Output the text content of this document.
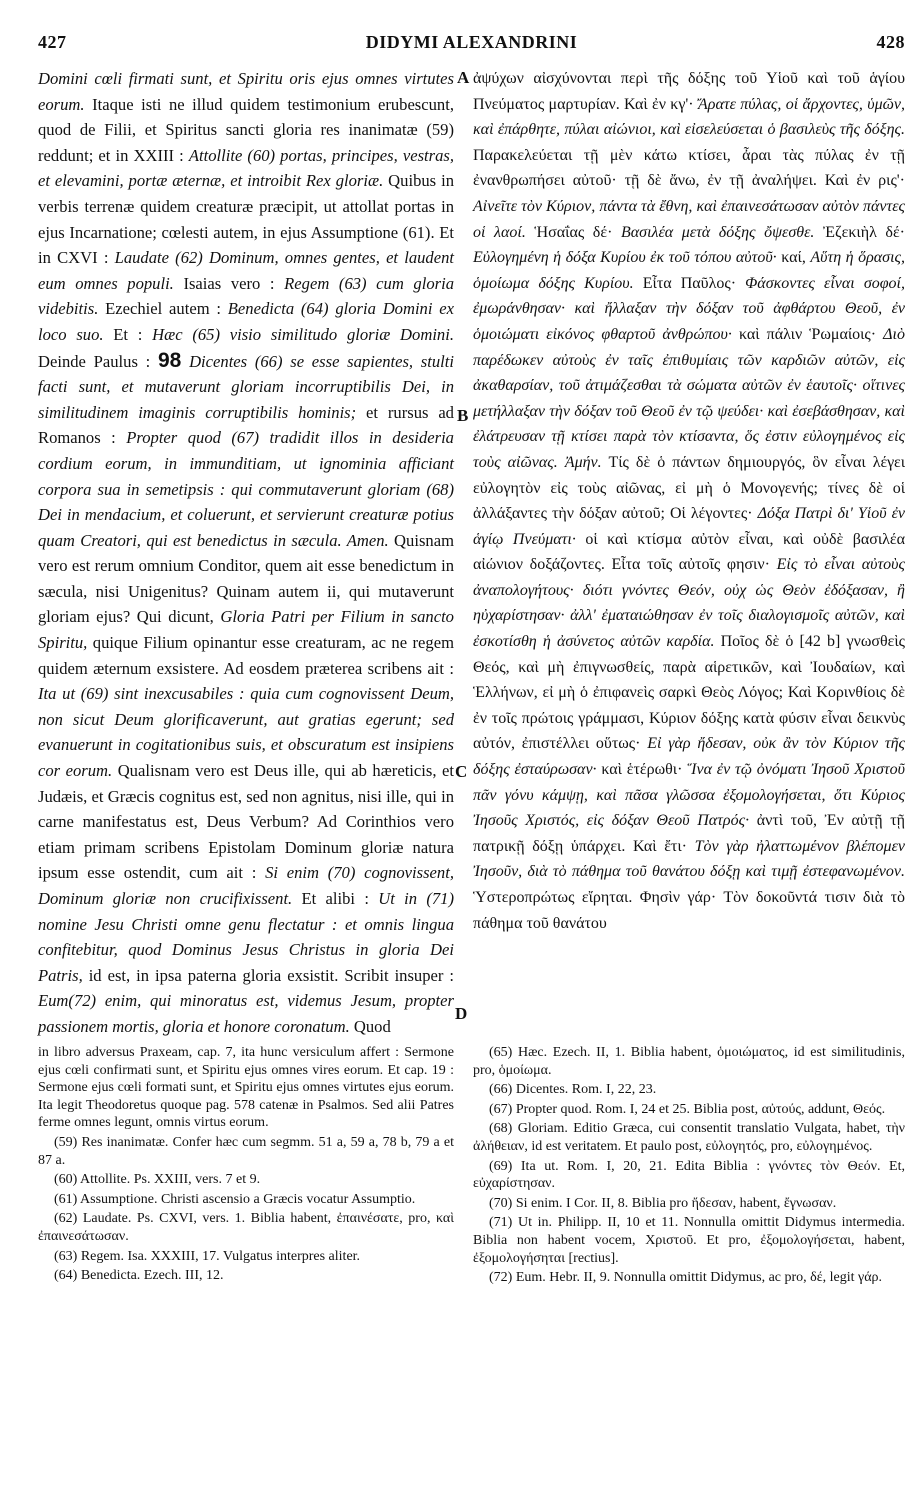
427	DIDYMI ALEXANDRINI	428
A
B
C
D

Domini cœli firmati sunt, et Spiritu oris ejus omnes virtutes eorum. Itaque isti ne illud quidem testimonium erubescunt, quod de Filii, et Spiritus sancti gloria res inanimatæ (59) reddunt; et in XXIII : Attollite (60) portas, principes, vestras, et elevamini, portæ æternæ, et introibit Rex gloriæ. Quibus in verbis terrenæ quidem creaturæ præcipit, ut attollat portas in ejus Incarnatione; cœlesti autem, in ejus Assumptione (61). Et in CXVI : Laudate (62) Dominum, omnes gentes, et laudent eum omnes populi. Isaias vero : Regem (63) cum gloria videbitis. Ezechiel autem : Benedicta (64) gloria Domini ex loco suo. Et : Hæc (65) visio similitudo gloriæ Domini. Deinde Paulus : 98 Dicentes (66) se esse sapientes, stulti facti sunt, et mutaverunt gloriam incorruptibilis Dei, in similitudinem imaginis corruptibilis hominis; et rursus ad Romanos : Propter quod (67) tradidit illos in desideria cordium eorum, in immunditiam, ut ignominia afficiant corpora sua in semetipsis : qui commutaverunt gloriam (68) Dei in mendacium, et coluerunt, et servierunt creaturæ potius quam Creatori, qui est benedictus in sæcula. Amen. Quisnam vero est rerum omnium Conditor, quem ait esse benedictum in sæcula, nisi Unigenitus? Quinam autem ii, qui mutaverunt gloriam ejus? Qui dicunt, Gloria Patri per Filium in sancto Spiritu, quique Filium opinantur esse creaturam, ac ne regem quidem æternum exsistere. Ad eosdem præterea scribens ait : Ita ut (69) sint inexcusabiles : quia cum cognovissent Deum, non sicut Deum glorificaverunt, aut gratias egerunt; sed evanuerunt in cogitationibus suis, et obscuratum est insipiens cor eorum. Qualisnam vero est Deus ille, qui ab hæreticis, et Judæis, et Græcis cognitus est, sed non agnitus, nisi ille, qui in carne manifestatus est, Deus Verbum? Ad Corinthios vero etiam primam scribens Epistolam Dominum gloriæ natura ipsum esse ostendit, cum ait : Si enim (70) cognovissent, Dominum gloriæ non crucifixissent. Et alibi : Ut in (71) nomine Jesu Christi omne genu flectatur : et omnis lingua confitebitur, quod Dominus Jesus Christus in gloria Dei Patris, id est, in ipsa paterna gloria exsistit. Scribit insuper : Eum(72) enim, qui minoratus est, videmus Jesum, propter passionem mortis, gloria et honore coronatum. Quod

ἀψύχων αἰσχύνονται περὶ τῆς δόξης τοῦ Υἱοῦ καὶ τοῦ ἁγίου Πνεύματος μαρτυρίαν. Καὶ ἐν κγ'· Ἄρατε πύλας, οἱ ἄρχοντες, ὑμῶν, καὶ ἐπάρθητε, πύλαι αἰώνιοι, καὶ εἰσελεύσεται ὁ βασιλεὺς τῆς δόξης. Παρακελεύεται τῇ μὲν κάτω κτίσει, ἆραι τὰς πύλας ἐν τῇ ἐνανθρωπήσει αὐτοῦ· τῇ δὲ ἄνω, ἐν τῇ ἀναλήψει. Καὶ ἐν ρις'· Αἰνεῖτε τὸν Κύριον, πάντα τὰ ἔθνη, καὶ ἐπαινεσάτωσαν αὐτὸν πάντες οἱ λαοί. Ἡσαΐας δέ· Βασιλέα μετὰ δόξης ὄψεσθε. Ἐζεκιὴλ δέ· Εὐλογημένη ἡ δόξα Κυρίου ἐκ τοῦ τόπου αὐτοῦ· καί, Αὕτη ἡ ὅρασις, ὁμοίωμα δόξης Κυρίου. Εἶτα Παῦλος· Φάσκοντες εἶναι σοφοί, ἐμωράνθησαν· καὶ ἤλλαξαν τὴν δόξαν τοῦ ἀφθάρτου Θεοῦ, ἐν ὁμοιώματι εἰκόνος φθαρτοῦ ἀνθρώπου· καὶ πάλιν Ῥωμαίοις· Διὸ παρέδωκεν αὐτοὺς ἐν ταῖς ἐπιθυμίαις τῶν καρδιῶν αὐτῶν, εἰς ἀκαθαρσίαν, τοῦ ἀτιμάζεσθαι τὰ σώματα αὐτῶν ἐν ἑαυτοῖς· οἵτινες μετήλλαξαν τὴν δόξαν τοῦ Θεοῦ ἐν τῷ ψεύδει· καὶ ἐσεβάσθησαν, καὶ ἐλάτρευσαν τῇ κτίσει παρὰ τὸν κτίσαντα, ὅς ἐστιν εὐλογημένος εἰς τοὺς αἰῶνας. Ἀμήν. Τίς δὲ ὁ πάντων δημιουργός, ὃν εἶναι λέγει εὐλογητὸν εἰς τοὺς αἰῶνας, εἰ μὴ ὁ Μονογενής; τίνες δὲ οἱ ἀλλάξαντες τὴν δόξαν αὐτοῦ; Οἱ λέγοντες· Δόξα Πατρὶ δι' Υἱοῦ ἐν ἁγίῳ Πνεύματι· οἱ καὶ κτίσμα αὐτὸν εἶναι, καὶ οὐδὲ βασιλέα αἰώνιον δοξάζοντες. Εἶτα τοῖς αὐτοῖς φησιν· Εἰς τὸ εἶναι αὐτοὺς ἀναπολογήτους· διότι γνόντες Θεόν, οὐχ ὡς Θεὸν ἐδόξασαν, ἢ ηὐχαρίστησαν· ἀλλ' ἐματαιώθησαν ἐν τοῖς διαλογισμοῖς αὐτῶν, καὶ ἐσκοτίσθη ἡ ἀσύνετος αὐτῶν καρδία. Ποῖος δὲ ὁ [42 b] γνωσθεὶς Θεός, καὶ μὴ ἐπιγνωσθείς, παρὰ αἱρετικῶν, καὶ Ἰουδαίων, καὶ Ἑλλήνων, εἰ μὴ ὁ ἐπιφανεὶς σαρκὶ Θεὸς Λόγος; Καὶ Κορινθίοις δὲ ἐν τοῖς πρώτοις γράμμασι, Κύριον δόξης κατὰ φύσιν εἶναι δεικνὺς αὐτόν, ἐπιστέλλει οὕτως· Εἰ γὰρ ἤδεσαν, οὐκ ἂν τὸν Κύριον τῆς δόξης ἐσταύρωσαν· καὶ ἑτέρωθι· Ἵνα ἐν τῷ ὀνόματι Ἰησοῦ Χριστοῦ πᾶν γόνυ κάμψῃ, καὶ πᾶσα γλῶσσα ἐξομολογήσεται, ὅτι Κύριος Ἰησοῦς Χριστός, εἰς δόξαν Θεοῦ Πατρός· ἀντὶ τοῦ, Ἐν αὐτῇ τῇ πατρικῇ δόξῃ ὑπάρχει. Καὶ ἔτι· Τὸν γὰρ ἠλαττωμένον βλέπομεν Ἰησοῦν, διὰ τὸ πάθημα τοῦ θανάτου δόξῃ καὶ τιμῇ ἐστεφανωμένον. Ὑστεροπρώτως εἴρηται. Φησὶν γάρ· Τὸν δοκοῦντά τισιν διὰ τὸ πάθημα τοῦ θανάτου

in libro adversus Praxeam, cap. 7, ita hunc versiculum affert : Sermone ejus cœli confirmati sunt, et Spiritu ejus omnes vires eorum. Et cap. 19 : Sermone ejus cœli formati sunt, et Spiritu ejus omnes virtutes ejus eorum. Ita legit Theodoretus quoque pag. 578 catenæ in Psalmos. Sed alii Patres ferme omnes legunt, omnis virtus eorum.

(59) Res inanimatæ. Confer hæc cum segmm. 51 a, 59 a, 78 b, 79 a et 87 a.

(60) Attollite. Ps. XXIII, vers. 7 et 9.

(61) Assumptione. Christi ascensio a Græcis vocatur Assumptio.

(62) Laudate. Ps. CXVI, vers. 1. Biblia habent, ἐπαινέσατε, pro, καὶ ἐπαινεσάτωσαν.

(63) Regem. Isa. XXXIII, 17. Vulgatus interpres aliter.

(64) Benedicta. Ezech. III, 12.

(65) Hæc. Ezech. II, 1. Biblia habent, ὁμοιώματος, id est similitudinis, pro, ὁμοίωμα.

(66) Dicentes. Rom. I, 22, 23.

(67) Propter quod. Rom. I, 24 et 25. Biblia post, αὐτούς, addunt, Θεός.

(68) Gloriam. Editio Græca, cui consentit translatio Vulgata, habet, τὴν ἀλήθειαν, id est veritatem. Et paulo post, εὐλογητός, pro, εὐλογημένος.

(69) Ita ut. Rom. I, 20, 21. Edita Biblia : γνόντες τὸν Θεόν. Et, εὐχαρίστησαν.

(70) Si enim. I Cor. II, 8. Biblia pro ἤδεσαν, habent, ἔγνωσαν.

(71) Ut in. Philipp. II, 10 et 11. Nonnulla omittit Didymus intermedia. Biblia non habent vocem, Χριστοῦ. Et pro, ἐξομολογήσεται, habent, ἐξομολογήσηται [rectius].

(72) Eum. Hebr. II, 9. Nonnulla omittit Didymus, ac pro, δέ, legit γάρ.
